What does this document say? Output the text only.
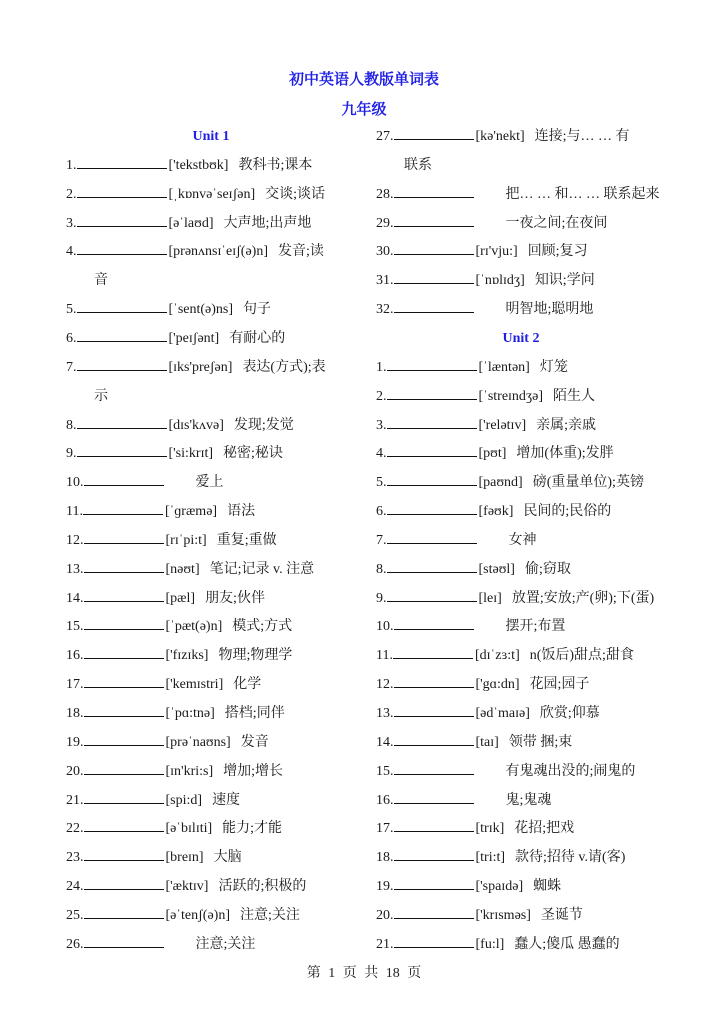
初中英语人教版单词表
九年级
Unit 1
1.	['tekstbʊk] 教科书;课本
2.	[ˌkɒnvəˈseɪʃən] 交谈;谈话
3.	[əˈlaʊd] 大声地;出声地
4.	[prənʌnsɪˈeɪʃ(ə)n] 发音;读
音
5.	[ˈsent(ə)ns] 句子
6.	['peɪʃənt] 有耐心的
7.	[ɪks'preʃən] 表达(方式);表
示
8.	[dɪs'kʌvə] 发现;发觉
9.	['si:krɪt] 秘密;秘诀
10.	爱上
11.	[ˈɡræmə] 语法
12.	[rɪˈpi:t] 重复;重做
13.	[nəʊt] 笔记;记录 v. 注意
14.	[pæl] 朋友;伙伴
15.	[ˈpæt(ə)n] 模式;方式
16.	['fɪzɪks] 物理;物理学
17.	['kemɪstri] 化学
18.	[ˈpɑ:tnə] 搭档;同伴
19.	[prəˈnaʊns] 发音
20.	[ɪn'kri:s] 增加;增长
21.	[spi:d] 速度
22.	[əˈbɪlɪti] 能力;才能
23.	[breɪn] 大脑
24.	['æktɪv] 活跃的;积极的
25.	[əˈtenʃ(ə)n] 注意;关注
26.	注意;关注
27.	[kə'nekt] 连接;与… … 有
联系
28.	把… … 和… … 联系起来
29.	一夜之间;在夜间
30.	[rɪ'vju:] 回顾;复习
31.	[ˈnɒlɪdʒ] 知识;学问
32.	明智地;聪明地
Unit 2
1.	[ˈlæntən] 灯笼
2.	[ˈstreɪndʒə] 陌生人
3.	['relətɪv] 亲属;亲戚
4.	[pʊt] 增加(体重);发胖
5.	[paʊnd] 磅(重量单位);英镑
6.	[fəʊk] 民间的;民俗的
7.	女神
8.	[stəʊl] 偷;窃取
9.	[leɪ] 放置;安放;产(卵);下(蛋)
10.	摆开;布置
11.	[dɪˈzɜ:t] n(饭后)甜点;甜食
12.	['gɑ:dn] 花园;园子
13.	[ədˈmaɪə] 欣赏;仰慕
14.	[taɪ] 领带 捆;束
15.	有鬼魂出没的;闹鬼的
16.	鬼;鬼魂
17.	[trɪk] 花招;把戏
18.	[tri:t] 款待;招待 v.请(客)
19.	['spaɪdə] 蜘蛛
20.	['krɪsməs] 圣诞节
21.	[fu:l] 蠢人;傻瓜 愚蠢的
第 1 页 共 18 页
